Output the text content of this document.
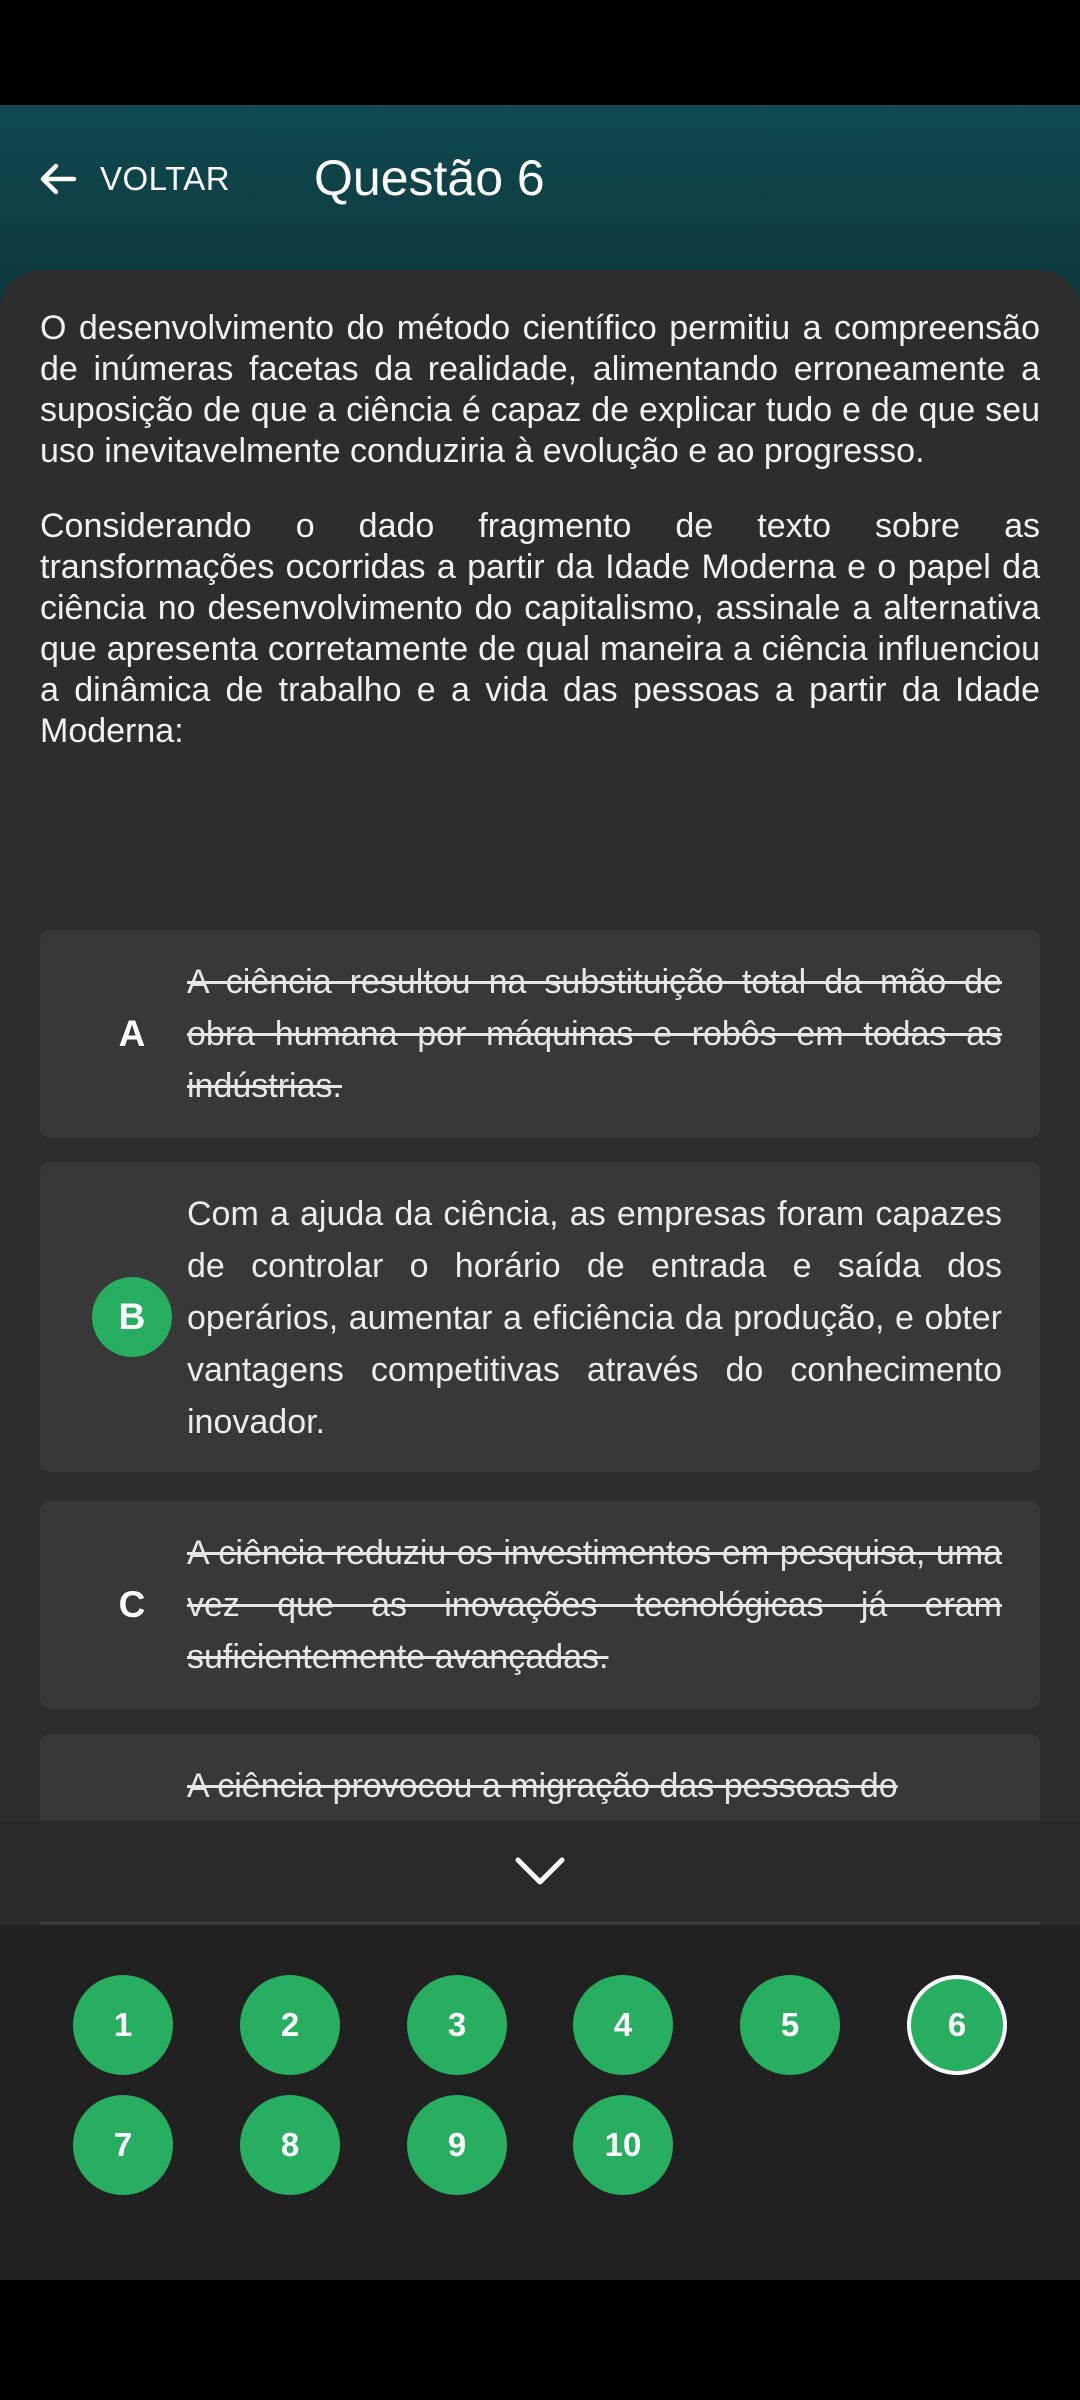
VOLTAR Questão 6

O desenvolvimento do método científico permitiu a compreensão de inúmeras facetas da realidade, alimentando erroneamente a suposição de que a ciência é capaz de explicar tudo e de que seu uso inevitavelmente conduziria à evolução e ao progresso.

Considerando o dado fragmento de texto sobre as transformações ocorridas a partir da Idade Moderna e o papel da ciência no desenvolvimento do capitalismo, assinale a alternativa que apresenta corretamente de qual maneira a ciência influenciou a dinâmica de trabalho e a vida das pessoas a partir da Idade Moderna:

A
A ciência resultou na substituição total da mão de obra humana por máquinas e robôs em todas as indústrias.
B
Com a ajuda da ciência, as empresas foram capazes de controlar o horário de entrada e saída dos operários, aumentar a eficiência da produção, e obter vantagens competitivas através do conhecimento inovador.
C
A ciência reduziu os investimentos em pesquisa, uma vez que as inovações tecnológicas já eram suficientemente avançadas.
A ciência provocou a migração das pessoas do
1	2	3	4	5	6
7	8	9	10
